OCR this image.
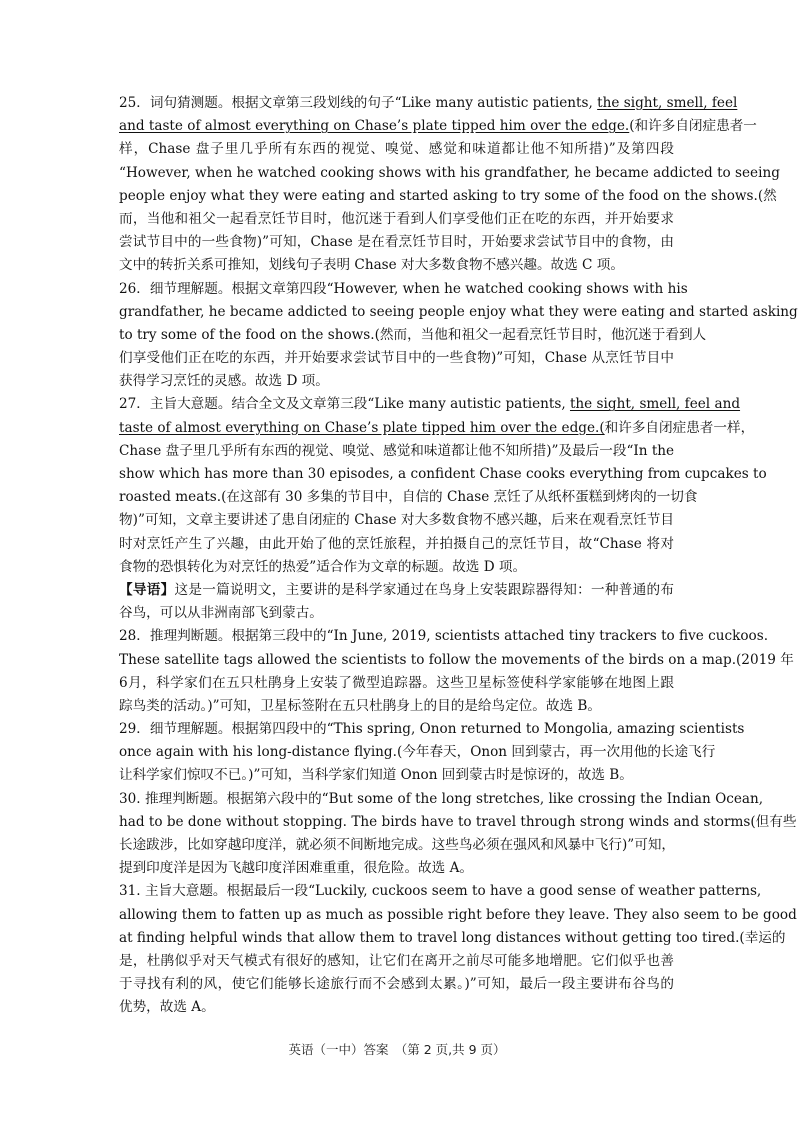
25．词句猜测题。根据文章第三段划线的句子“Like many autistic patients, the sight, smell, feel
and taste of almost everything on Chase’s plate tipped him over the edge.(和许多自闭症患者一
样，Chase 盘子里几乎所有东西的视觉、嗅觉、感觉和味道都让他不知所措)”及第四段
“However, when he watched cooking shows with his grandfather, he became addicted to seeing
people enjoy what they were eating and started asking to try some of the food on the shows.(然
而，当他和祖父一起看烹饪节目时，他沉迷于看到人们享受他们正在吃的东西，并开始要求
尝试节目中的一些食物)”可知，Chase 是在看烹饪节目时，开始要求尝试节目中的食物，由
文中的转折关系可推知，划线句子表明 Chase 对大多数食物不感兴趣。故选 C 项。
26．细节理解题。根据文章第四段“However, when he watched cooking shows with his
grandfather, he became addicted to seeing people enjoy what they were eating and started asking
to try some of the food on the shows.(然而，当他和祖父一起看烹饪节目时，他沉迷于看到人
们享受他们正在吃的东西，并开始要求尝试节目中的一些食物)”可知，Chase 从烹饪节目中
获得学习烹饪的灵感。故选 D 项。
27．主旨大意题。结合全文及文章第三段“Like many autistic patients, the sight, smell, feel and
taste of almost everything on Chase’s plate tipped him over the edge.(和许多自闭症患者一样，
Chase 盘子里几乎所有东西的视觉、嗅觉、感觉和味道都让他不知所措)”及最后一段“In the
show which has more than 30 episodes, a confident Chase cooks everything from cupcakes to
roasted meats.(在这部有 30 多集的节目中，自信的 Chase 烹饪了从纸杯蛋糕到烤肉的一切食
物)”可知，文章主要讲述了患自闭症的 Chase 对大多数食物不感兴趣，后来在观看烹饪节目
时对烹饪产生了兴趣，由此开始了他的烹饪旅程，并拍摄自己的烹饪节目，故“Chase 将对
食物的恐惧转化为对烹饪的热爱”适合作为文章的标题。故选 D 项。
【导语】这是一篇说明文，主要讲的是科学家通过在鸟身上安装跟踪器得知：一种普通的布
谷鸟，可以从非洲南部飞到蒙古。
28．推理判断题。根据第三段中的“In June, 2019, scientists attached tiny trackers to five cuckoos.
These satellite tags allowed the scientists to follow the movements of the birds on a map.(2019 年
6月，科学家们在五只杜鹃身上安装了微型追踪器。这些卫星标签使科学家能够在地图上跟
踪鸟类的活动。)”可知，卫星标签附在五只杜鹃身上的目的是给鸟定位。故选 B。
29．细节理解题。根据第四段中的“This spring, Onon returned to Mongolia, amazing scientists
once again with his long-distance flying.(今年春天，Onon 回到蒙古，再一次用他的长途飞行
让科学家们惊叹不已。)”可知，当科学家们知道 Onon 回到蒙古时是惊讶的，故选 B。
30. 推理判断题。根据第六段中的“But some of the long stretches, like crossing the Indian Ocean,
had to be done without stopping. The birds have to travel through strong winds and storms(但有些
长途跋涉，比如穿越印度洋，就必须不间断地完成。这些鸟必须在强风和风暴中飞行)”可知，
提到印度洋是因为飞越印度洋困难重重，很危险。故选 A。
31. 主旨大意题。根据最后一段“Luckily, cuckoos seem to have a good sense of weather patterns,
allowing them to fatten up as much as possible right before they leave. They also seem to be good
at finding helpful winds that allow them to travel long distances without getting too tired.(幸运的
是，杜鹃似乎对天气模式有很好的感知，让它们在离开之前尽可能多地增肥。它们似乎也善
于寻找有利的风，使它们能够长途旅行而不会感到太累。)”可知，最后一段主要讲布谷鸟的
优势，故选 A。
英语（一中）答案　（第 2 页,共 9 页）
